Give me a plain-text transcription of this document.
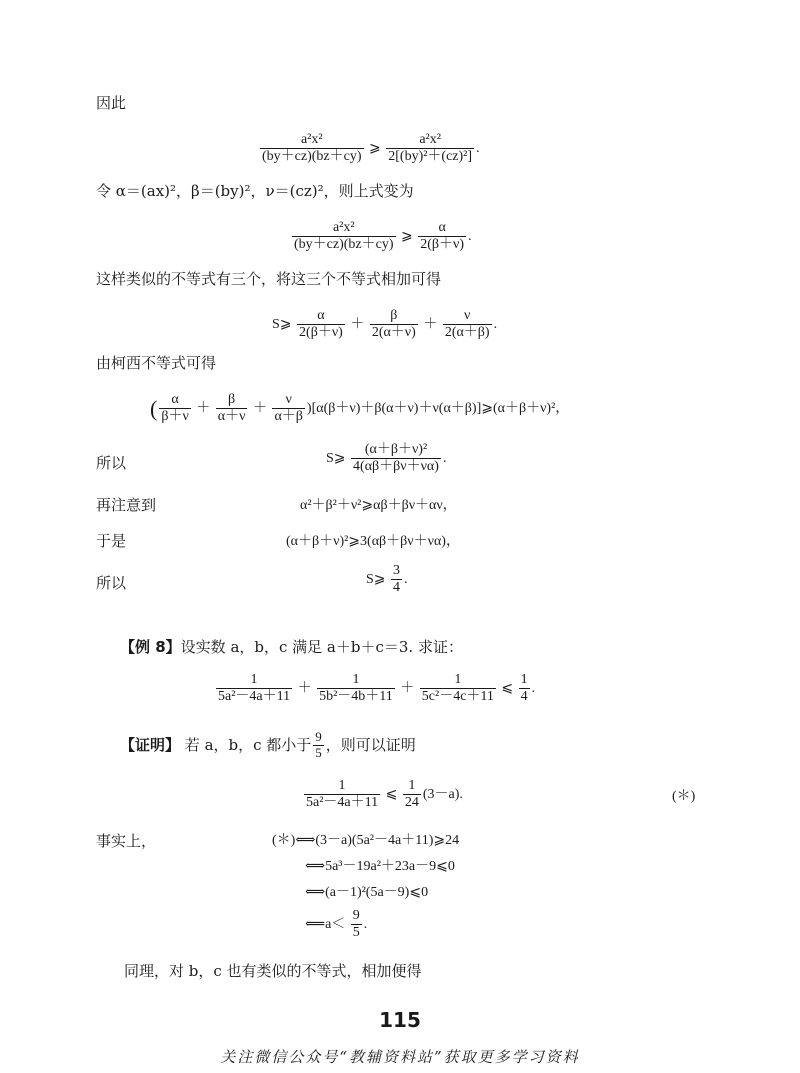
因此
$\frac{\text{a²x²}}{(by+cz)(bz+cy)}$ ⩾ $\frac{\text{a²x²}}{\text{2[(by)²＋(cz)²]}}$ .
令 α＝(ax)²，β＝(by)²，ν＝(cz)²，则上式变为
$\frac{\text{a²x²}}{(by+cz)(bz+cy)}$ ⩾ $\frac{\alpha}{2(\beta+\nu)}$ .
这样类似的不等式有三个，将这三个不等式相加可得
S⩾ $\frac{\alpha}{2(\beta+\nu)} + \frac{\beta}{2(\alpha+\nu)} + \frac{\nu}{2(\alpha+\beta)}$ .
由柯西不等式可得
( $\frac{\alpha}{\beta+\nu} + \frac{\beta}{\alpha+\nu} + \frac{\nu}{\alpha+\beta}$ )[α(β＋ν)＋β(α＋ν)＋ν(α＋β)]⩾(α＋β＋ν)²，
所以	S⩾ $\frac{\text{(α＋β＋ν)²}}{4(\alpha\beta+\beta\nu+\nu\alpha)}$ .
再注意到	α²＋β²＋ν²⩾αβ＋βν＋αν，
于是	(α＋β＋ν)²⩾3(αβ＋βν＋να)，
所以	S⩾ $\frac{3}{4}$ .
【例 8】设实数 a，b，c 满足 a＋b＋c＝3. 求证：
$\frac{1}{\text{5a²－4a＋11}} + \frac{1}{\text{5b²－4b＋11}} + \frac{1}{\text{5c²－4c＋11}}$ ⩽ $\frac{1}{4}$ .
【证明】 若 a，b，c 都小于 $\frac{9}{5}$ ，则可以证明
$\frac{1}{\text{5a²－4a＋11}}$ ⩽ $\frac{1}{24} (3-a)$.	(＊)
事实上，	(＊)⟺(3－a)(5a²－4a＋11)⩾24
⟺5a³－19a²＋23a－9⩽0
⟺(a－1)²(5a－9)⩽0
⟸a＜ $\frac{9}{5}$ .
同理，对 b，c 也有类似的不等式，相加便得
115
关注微信公众号“教辅资料站”获取更多学习资料
